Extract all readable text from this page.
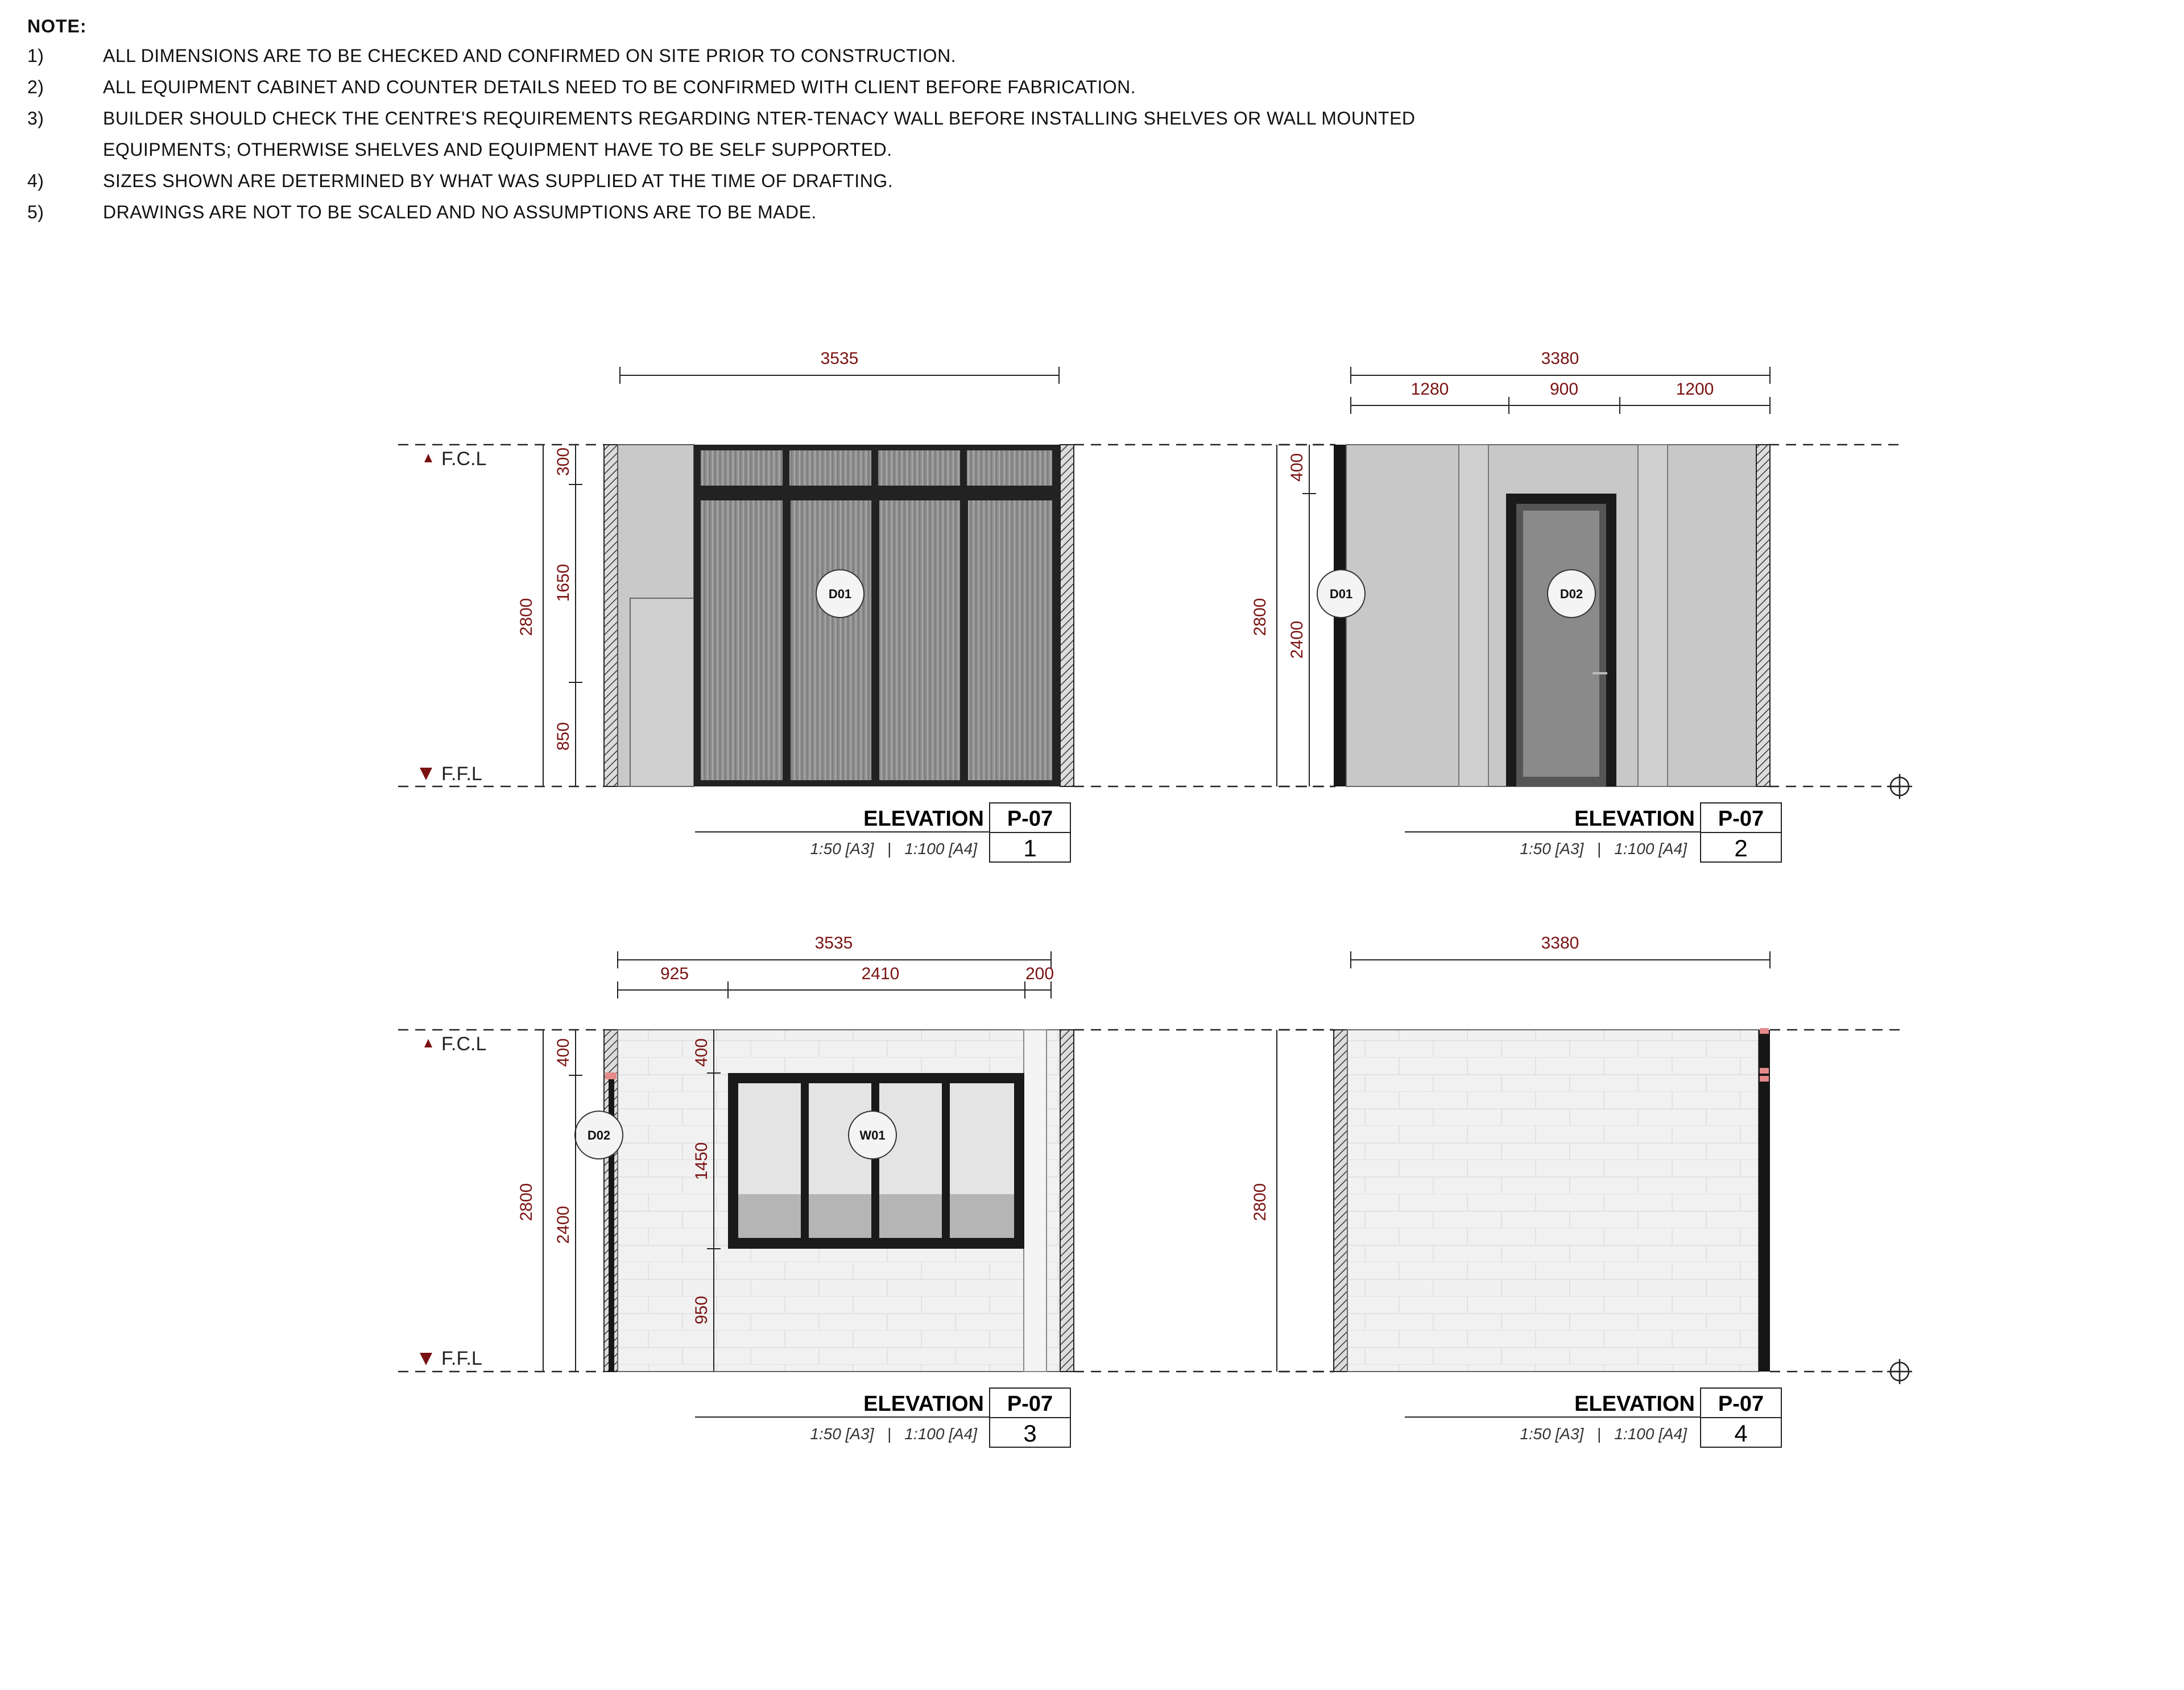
NOTE:
1)	ALL DIMENSIONS ARE TO BE CHECKED AND CONFIRMED ON SITE PRIOR TO CONSTRUCTION.
2)	ALL EQUIPMENT CABINET AND COUNTER DETAILS NEED TO BE CONFIRMED WITH CLIENT BEFORE FABRICATION.
3)	BUILDER SHOULD CHECK THE CENTRE'S REQUIREMENTS REGARDING NTER-TENACY WALL BEFORE INSTALLING SHELVES OR WALL MOUNTED
EQUIPMENTS; OTHERWISE SHELVES AND EQUIPMENT HAVE TO BE SELF SUPPORTED.
4)	SIZES SHOWN ARE DETERMINED BY WHAT WAS SUPPLIED AT THE TIME OF DRAFTING.
5)	DRAWINGS ARE NOT TO BE SCALED AND NO ASSUMPTIONS ARE TO BE MADE.
F.C.L
F.F.L
D01
3535
2800
300
1650
850
ELEVATION P-07
1:50 [A3]   |   1:100 [A4] 1
D01	D02
3380
1280	900	1200
2800
400
2400
ELEVATION P-07
1:50 [A3]   |   1:100 [A4] 2
F.C.L
F.F.L
D02	W01
3535
925	2410	200
2800
400
2400
400
1450
950
ELEVATION P-07
1:50 [A3]   |   1:100 [A4] 3
3380
2800
ELEVATION P-07
1:50 [A3]   |   1:100 [A4] 4
